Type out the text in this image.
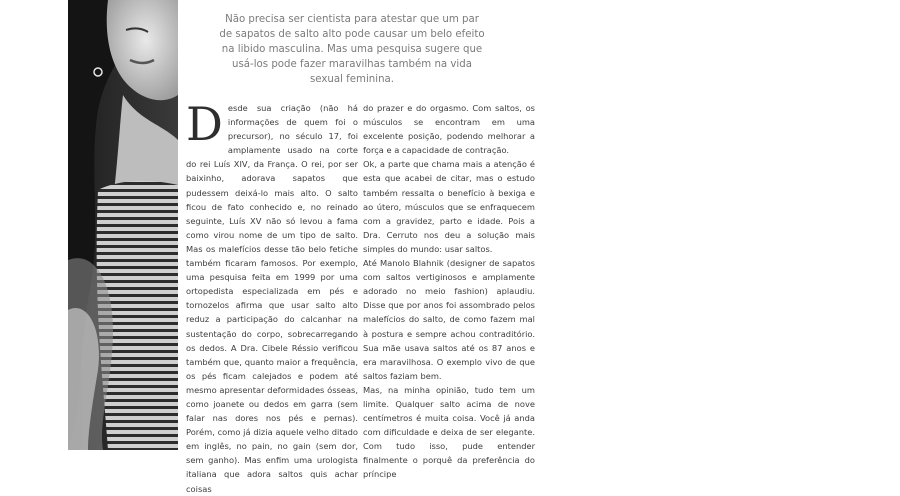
Não precisa ser cientista para atestar que um par de sapatos de salto alto pode causar um belo efeito na libido masculina. Mas uma pesquisa sugere que usá-los pode fazer maravilhas também na vida sexual feminina.
D esde sua criação (não há informações de quem foi o precursor), no século 17, foi amplamente usado na corte do rei Luís XIV, da França. O rei, por ser baixinho, adorava sapatos que pudessem deixá-lo mais alto. O salto ficou de fato conhecido e, no reinado seguinte, Luís XV não só levou a fama como virou nome de um tipo de salto. Mas os malefícios desse tão belo fetiche também ficaram famosos. Por exemplo, uma pesquisa feita em 1999 por uma ortopedista especializada em pés e tornozelos afirma que usar salto alto reduz a participação do calcanhar na sustentação do corpo, sobrecarregando os dedos. A Dra. Cibele Réssio verificou também que, quanto maior a frequência, os pés ficam calejados e podem até mesmo apresentar deformidades ósseas, como joanete ou dedos em garra (sem falar nas dores nos pés e pernas). Porém, como já dizia aquele velho ditado em inglês, no pain, no gain (sem dor, sem ganho). Mas enfim uma urologista italiana que adora saltos quis achar coisas

do prazer e do orgasmo. Com saltos, os músculos se encontram em uma excelente posição, podendo melhorar a força e a capacidade de contração.

Ok, a parte que chama mais a atenção é esta que acabei de citar, mas o estudo também ressalta o benefício à bexiga e ao útero, músculos que se enfraquecem com a gravidez, parto e idade. Pois a Dra. Cerruto nos deu a solução mais simples do mundo: usar saltos.

Até Manolo Blahnik (designer de sapatos com saltos vertiginosos e amplamente adorado no meio fashion) aplaudiu. Disse que por anos foi assombrado pelos malefícios do salto, de como fazem mal à postura e sempre achou contraditório. Sua mãe usava saltos até os 87 anos e era maravilhosa. O exemplo vivo de que saltos faziam bem.

Mas, na minha opinião, tudo tem um limite. Qualquer salto acima de nove centímetros é muita coisa. Você já anda com dificuldade e deixa de ser elegante. Com tudo isso, pude entender finalmente o porquê da preferência do príncipe
